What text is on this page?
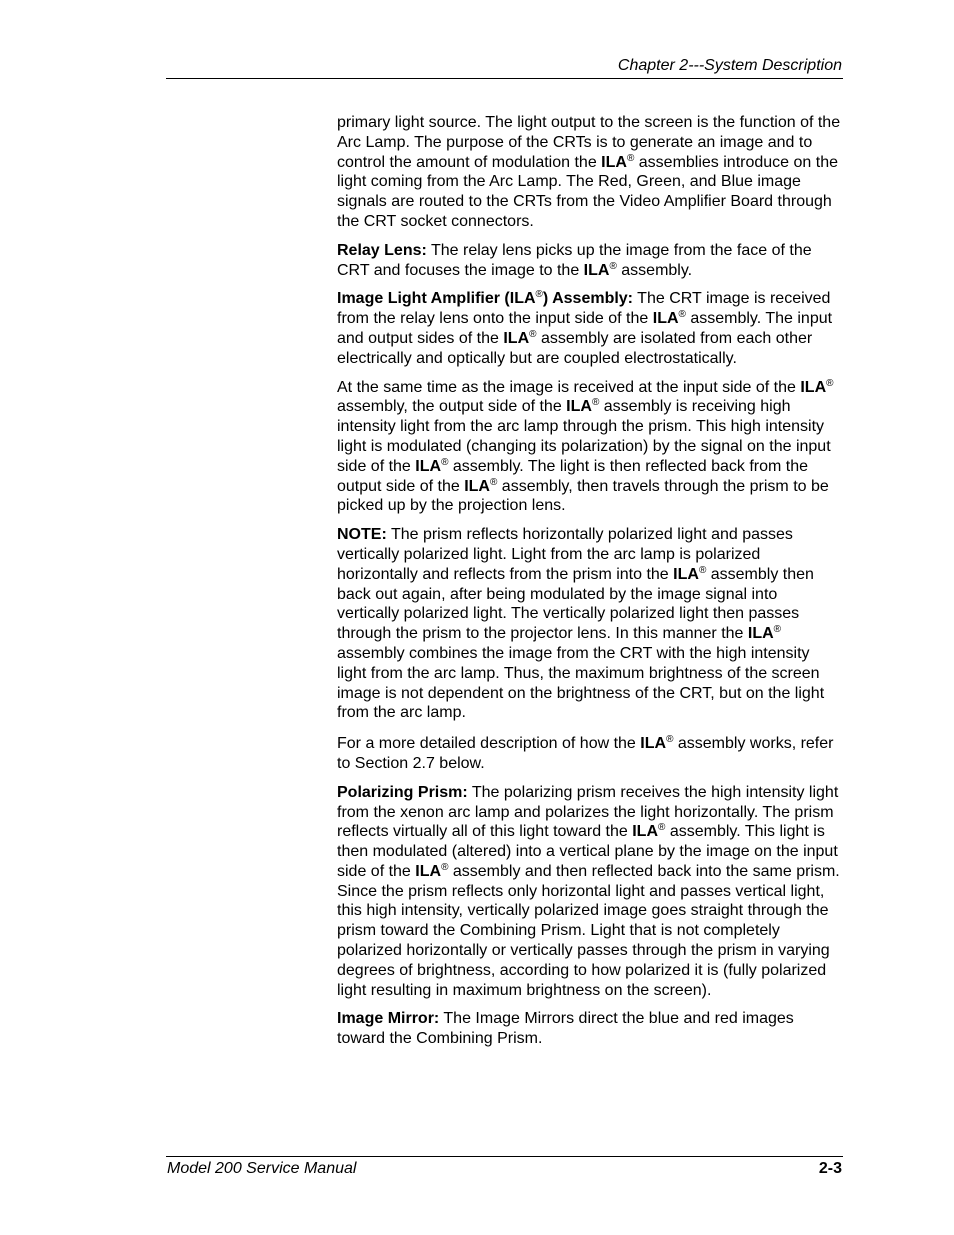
Chapter 2---System Description

primary light source. The light output to the screen is the function of the Arc Lamp. The purpose of the CRTs is to generate an image and to control the amount of modulation the ILA® assemblies introduce on the light coming from the Arc Lamp. The Red, Green, and Blue image signals are routed to the CRTs from the Video Amplifier Board through the CRT socket connectors.

Relay Lens: The relay lens picks up the image from the face of the CRT and focuses the image to the ILA® assembly.

Image Light Amplifier (ILA®) Assembly: The CRT image is received from the relay lens onto the input side of the ILA® assembly. The input and output sides of the ILA® assembly are isolated from each other electrically and optically but are coupled electrostatically.

At the same time as the image is received at the input side of the ILA® assembly, the output side of the ILA® assembly is receiving high intensity light from the arc lamp through the prism. This high intensity light is modulated (changing its polarization) by the signal on the input side of the ILA® assembly. The light is then reflected back from the output side of the ILA® assembly, then travels through the prism to be picked up by the projection lens.

NOTE: The prism reflects horizontally polarized light and passes vertically polarized light. Light from the arc lamp is polarized horizontally and reflects from the prism into the ILA® assembly then back out again, after being modulated by the image signal into vertically polarized light. The vertically polarized light then passes through the prism to the projector lens. In this manner the ILA® assembly combines the image from the CRT with the high intensity light from the arc lamp. Thus, the maximum brightness of the screen image is not dependent on the brightness of the CRT, but on the light from the arc lamp.

For a more detailed description of how the ILA® assembly works, refer to Section 2.7 below.

Polarizing Prism: The polarizing prism receives the high intensity light from the xenon arc lamp and polarizes the light horizontally. The prism reflects virtually all of this light toward the ILA® assembly. This light is then modulated (altered) into a vertical plane by the image on the input side of the ILA® assembly and then reflected back into the same prism. Since the prism reflects only horizontal light and passes vertical light, this high intensity, vertically polarized image goes straight through the prism toward the Combining Prism. Light that is not completely polarized horizontally or vertically passes through the prism in varying degrees of brightness, according to how polarized it is (fully polarized light resulting in maximum brightness on the screen).

Image Mirror: The Image Mirrors direct the blue and red images toward the Combining Prism.

Model 200 Service Manual	2-3
